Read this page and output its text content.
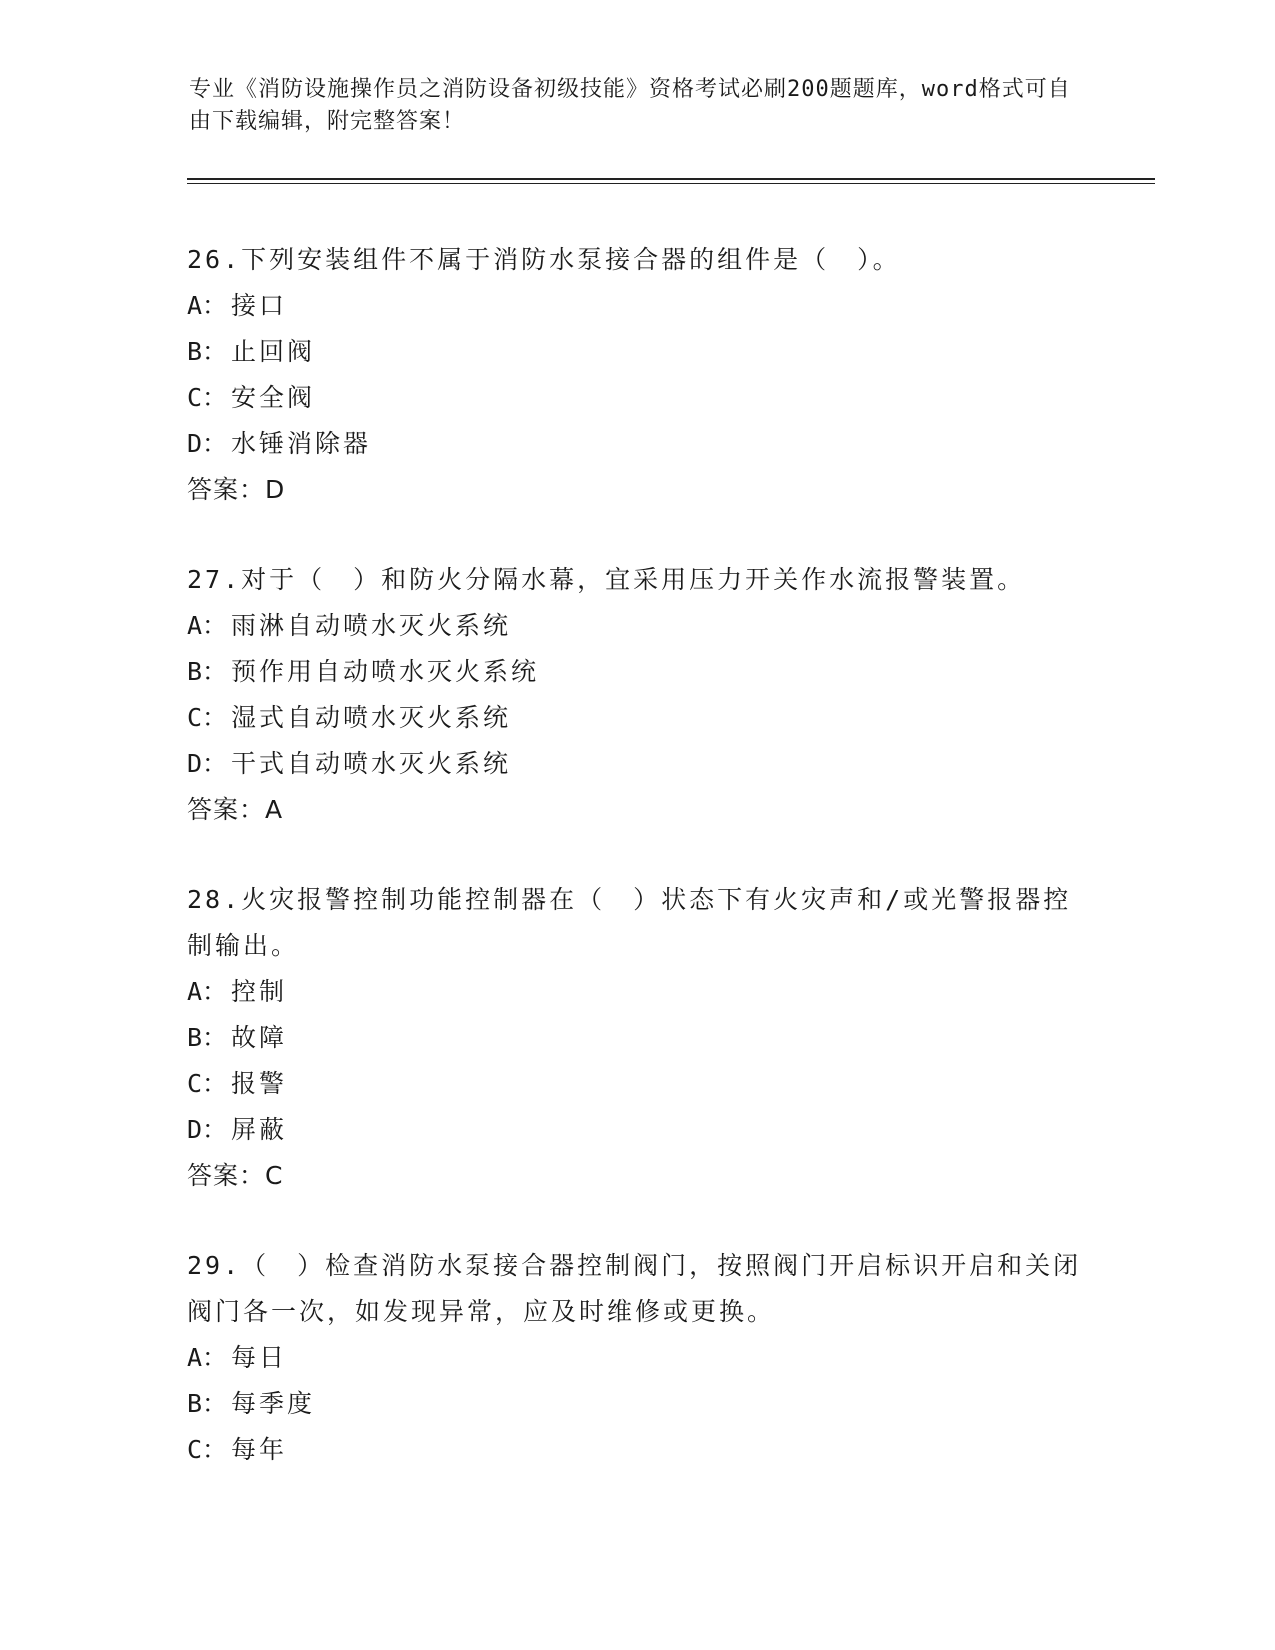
专业《消防设施操作员之消防设备初级技能》资格考试必刷200题题库，word格式可自由下载编辑，附完整答案！
26.下列安装组件不属于消防水泵接合器的组件是（　）。
A： 接口
B： 止回阀
C： 安全阀
D： 水锤消除器
答案：D
27.对于（　）和防火分隔水幕，宜采用压力开关作水流报警装置。
A： 雨淋自动喷水灭火系统
B： 预作用自动喷水灭火系统
C： 湿式自动喷水灭火系统
D： 干式自动喷水灭火系统
答案：A
28.火灾报警控制功能控制器在（　）状态下有火灾声和/或光警报器控制输出。
A： 控制
B： 故障
C： 报警
D： 屏蔽
答案：C
29.（　）检查消防水泵接合器控制阀门，按照阀门开启标识开启和关闭阀门各一次，如发现异常，应及时维修或更换。
A： 每日
B： 每季度
C： 每年
